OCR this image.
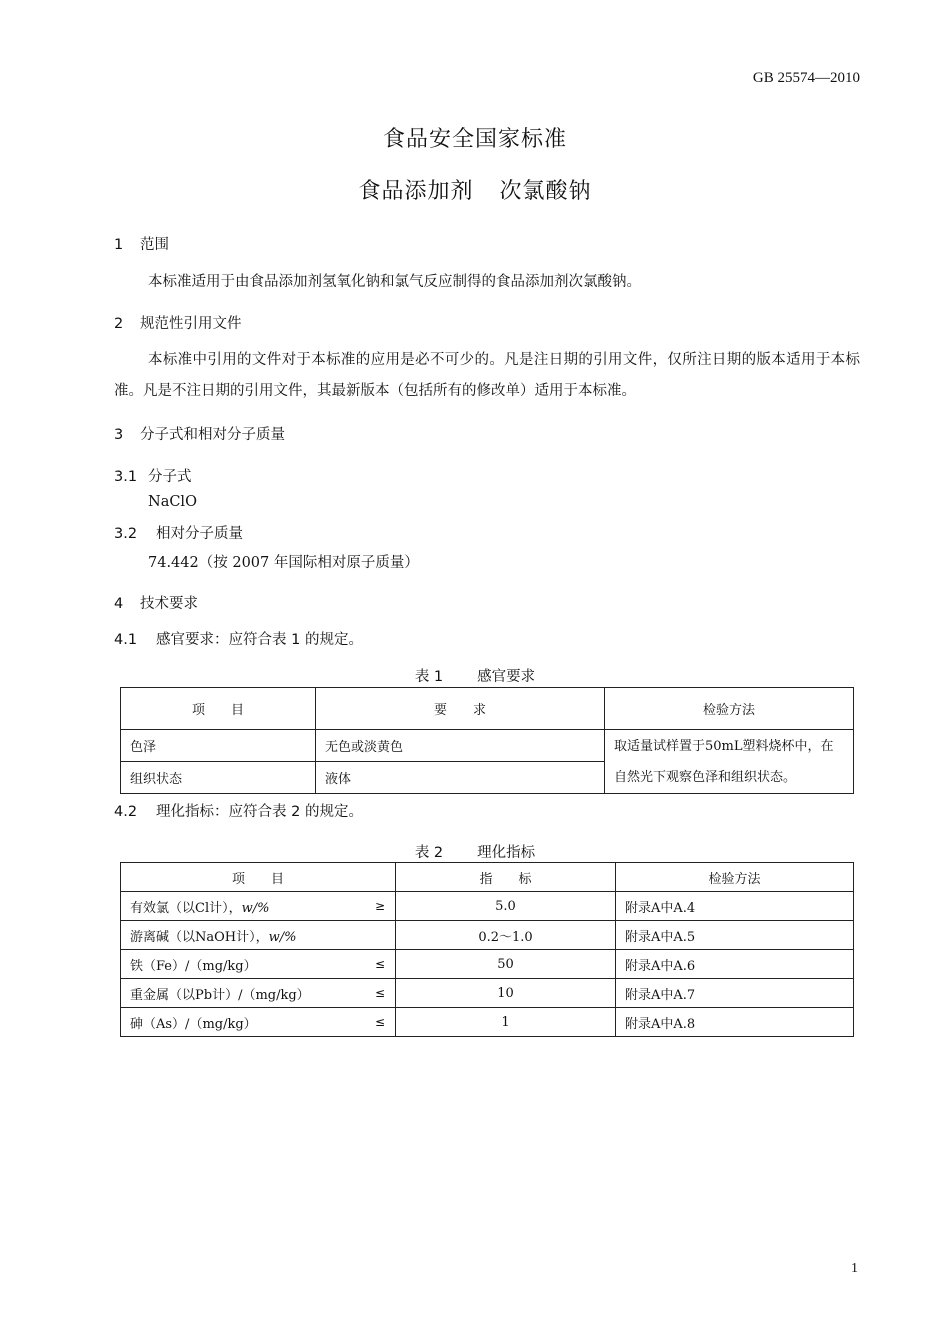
GB 25574—2010
食品安全国家标准
食品添加剂 次氯酸钠
1 范围
本标准适用于由食品添加剂氢氧化钠和氯气反应制得的食品添加剂次氯酸钠。
2 规范性引用文件
本标准中引用的文件对于本标准的应用是必不可少的。凡是注日期的引用文件，仅所注日期的版本适用于本标准。凡是不注日期的引用文件，其最新版本（包括所有的修改单）适用于本标准。
3 分子式和相对分子质量
3.1 分子式
NaClO
3.2 相对分子质量
74.442（按 2007 年国际相对原子质量）
4 技术要求
4.1 感官要求：应符合表 1 的规定。
表 1 感官要求
项　　目	要　　求	检验方法
色泽	无色或淡黄色	取适量试样置于50mL塑料烧杯中，在自然光下观察色泽和组织状态。
组织状态	液体	
4.2 理化指标：应符合表 2 的规定。
表 2 理化指标
项　　目	指　　标	检验方法
有效氯（以Cl计），w/% ≥	5.0	附录A中A.4
游离碱（以NaOH计），w/%	0.2～1.0	附录A中A.5
铁（Fe）/（mg/kg） ≤	50	附录A中A.6
重金属（以Pb计）/（mg/kg） ≤	10	附录A中A.7
砷（As）/（mg/kg） ≤	1	附录A中A.8
1
